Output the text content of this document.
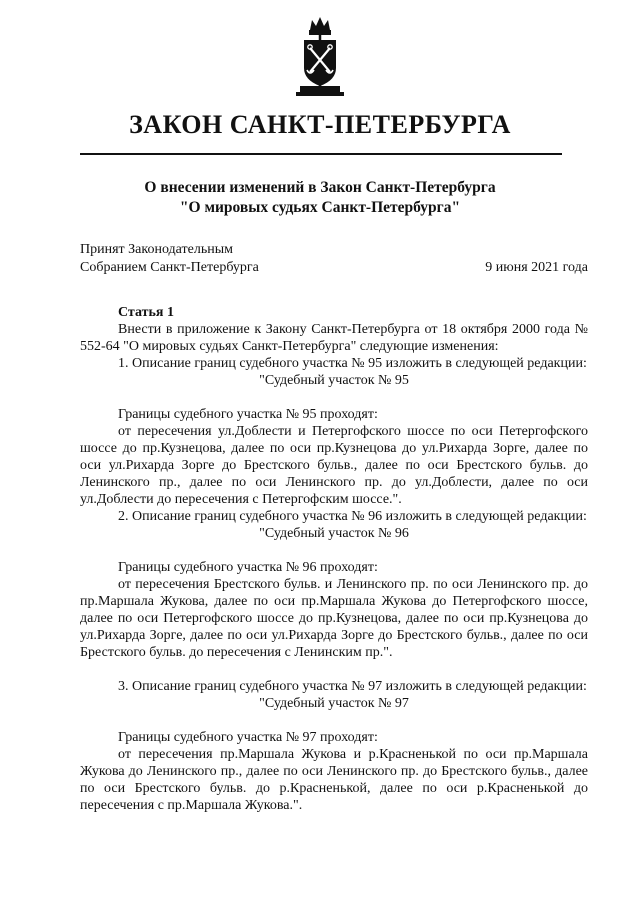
ЗАКОН САНКТ-ПЕТЕРБУРГА
О внесении изменений в Закон Санкт-Петербурга
"О мировых судьях Санкт-Петербурга"
Принят Законодательным
Собранием Санкт-Петербурга	9 июня 2021 года

Статья 1

Внести в приложение к Закону Санкт-Петербурга от 18 октября 2000 года № 552-64 "О мировых судьях Санкт-Петербурга" следующие изменения:

1. Описание границ судебного участка № 95 изложить в следующей редакции:

"Судебный участок № 95

Границы судебного участка № 95 проходят:

от пересечения ул.Доблести и Петергофского шоссе по оси Петергофского шоссе до пр.Кузнецова, далее по оси пр.Кузнецова до ул.Рихарда Зорге, далее по оси ул.Рихарда Зорге до Брестского бульв., далее по оси Брестского бульв. до Ленинского пр., далее по оси Ленинского пр. до ул.Доблести, далее по оси ул.Доблести до пересечения с Петергофским шоссе.".

2. Описание границ судебного участка № 96 изложить в следующей редакции:

"Судебный участок № 96

Границы судебного участка № 96 проходят:

от пересечения Брестского бульв. и Ленинского пр. по оси Ленинского пр. до пр.Маршала Жукова, далее по оси пр.Маршала Жукова до Петергофского шоссе, далее по оси Петергофского шоссе до пр.Кузнецова, далее по оси пр.Кузнецова до ул.Рихарда Зорге, далее по оси ул.Рихарда Зорге до Брестского бульв., далее по оси Брестского бульв. до пересечения с Ленинским пр.".

3. Описание границ судебного участка № 97 изложить в следующей редакции:

"Судебный участок № 97

Границы судебного участка № 97 проходят:

от пересечения пр.Маршала Жукова и р.Красненькой по оси пр.Маршала Жукова до Ленинского пр., далее по оси Ленинского пр. до Брестского бульв., далее по оси Брестского бульв. до р.Красненькой, далее по оси р.Красненькой до пересечения с пр.Маршала Жукова.".
